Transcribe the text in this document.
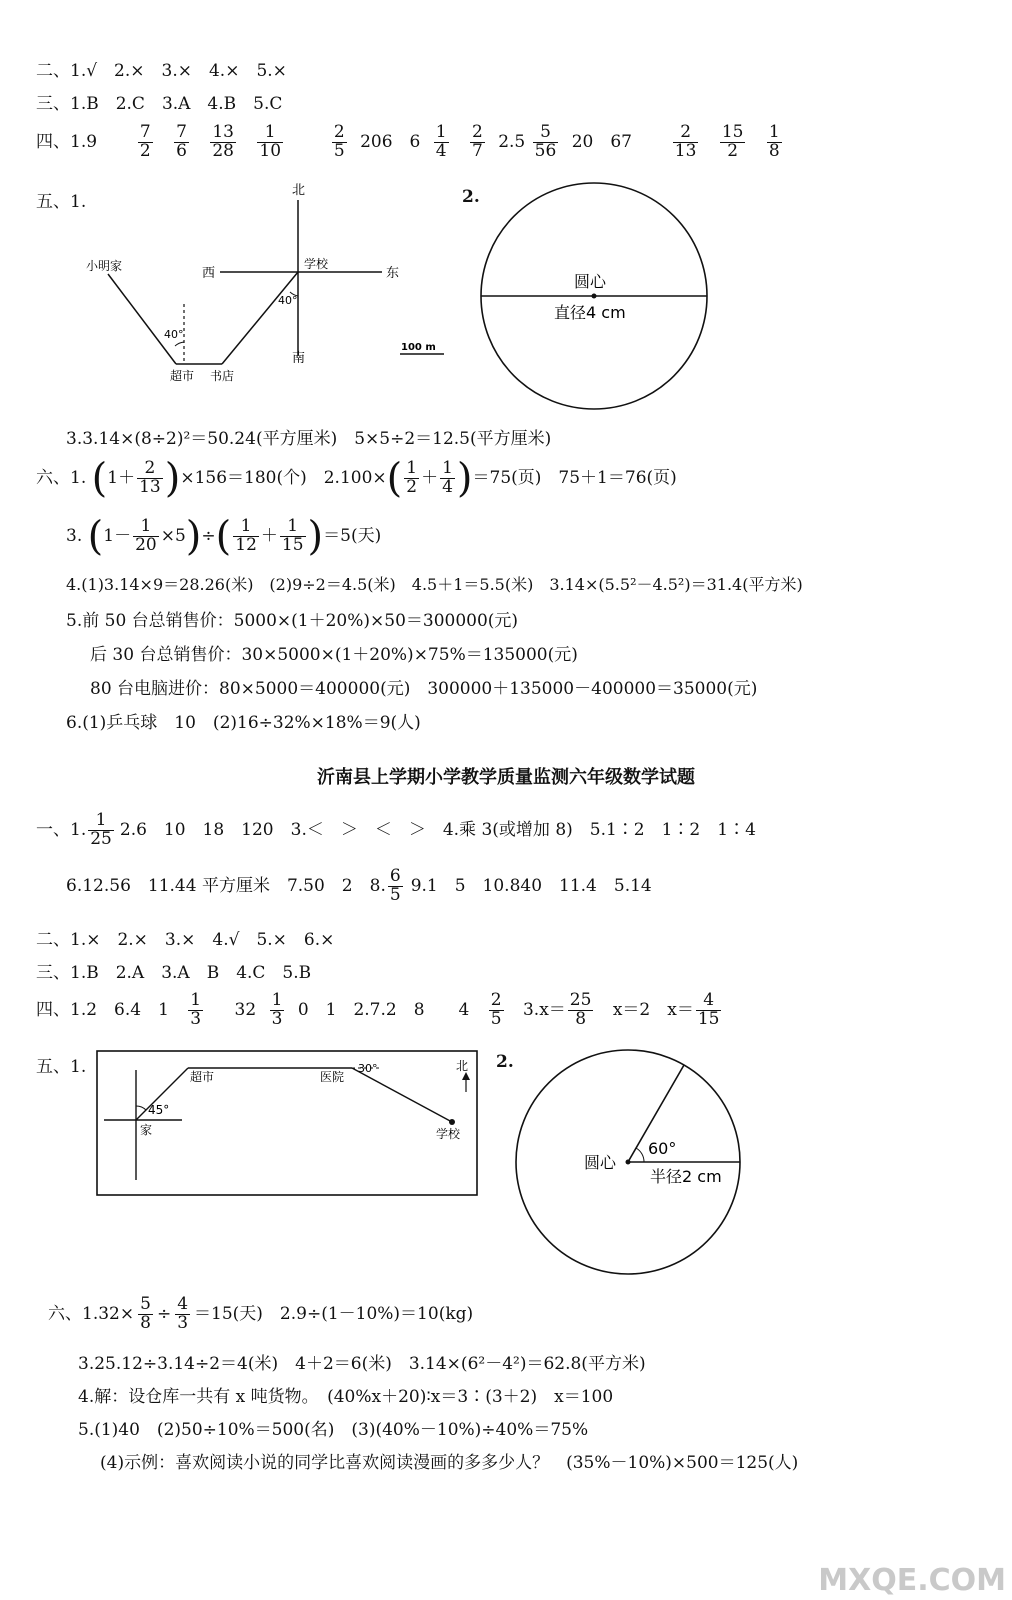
二、1.√　2.×　3.×　4.×　5.×
三、1.B　2.C　3.A　4.B　5.C
四、$1.9 \frac{7}{2}$
$\frac{7}{6}$
$\frac{13}{28}$
$\frac{1}{10}$
	$\frac{2}{5} 206$　$6 \frac{1}{4}$
$\frac{2}{7} 2.5 \frac{5}{56} 20$　$67 \frac{2}{13}$
$\frac{15}{2}$
$\frac{1}{8}$
五、1.
北
南
西	东
学校
40°
40°
小明家
超市 书店
100 m
2.
圆心
直径4 cm
3.3.14×(8÷2)²＝50.24(平方厘米)　5×5÷2＝12.5(平方厘米)
六、1. $(1+ \frac{2}{13} )\times 156=180$(个)　$2.100\times( \frac{1}{2} + \frac{1}{4} )=75$(页)　75＋1＝76(页)
3. $(1- \frac{1}{20} \times 5)\div( \frac{1}{12} + \frac{1}{15} )=5$(天)
4.(1)3.14×9＝28.26(米)　(2)9÷2＝4.5(米)　4.5＋1＝5.5(米)　3.14×(5.5²－4.5²)＝31.4(平方米)
5.前 50 台总销售价：5000×(1＋20%)×50＝300000(元)
后 30 台总销售价：30×5000×(1＋20%)×75%＝135000(元)
80 台电脑进价：80×5000＝400000(元)　300000＋135000－400000＝35000(元)
6.(1)乒乓球　10　(2)16÷32%×18%＝9(人)
沂南县上学期小学教学质量监测六年级数学试题
一、1. $\frac{1}{25} 2.6$　10　18　120　3.＜　＞　＜　＞　4.乘 3(或增加 8)　5.1∶2　1∶2　1∶4
6.12.56　11.44 平方厘米　7.50　2　8. $\frac{6}{5} 9.1$　5　10.840　11.4　5.14
二、1.×　2.×　3.×　4.√　5.×　6.×
三、1.B　2.A　3.A　B　4.C　5.B
四、1.2　6.4　$1 \frac{1}{3} 32 \frac{1}{3} 0$　1　2.7.2　8　　$4 \frac{2}{5} 3.x= \frac{25}{8} x=2$　$x= \frac{4}{15}$
五、1.
45°
家
超市	医院
30°	北
学校
2.
60°
圆心
半径2 cm
六、$1.32\times \frac{5}{8} \div \frac{4}{3} =15$(天)　2.9÷(1－10%)＝10(kg)
3.25.12÷3.14÷2＝4(米)　4＋2＝6(米)　3.14×(6²－4²)＝62.8(平方米)
4.解：设仓库一共有 x 吨货物。　(40%x＋20)∶x＝3∶(3＋2)　x＝100
5.(1)40　(2)50÷10%＝500(名)　(3)(40%－10%)÷40%＝75%
(4)示例：喜欢阅读小说的同学比喜欢阅读漫画的多多少人？　(35%－10%)×500＝125(人)
MXQE.COM
